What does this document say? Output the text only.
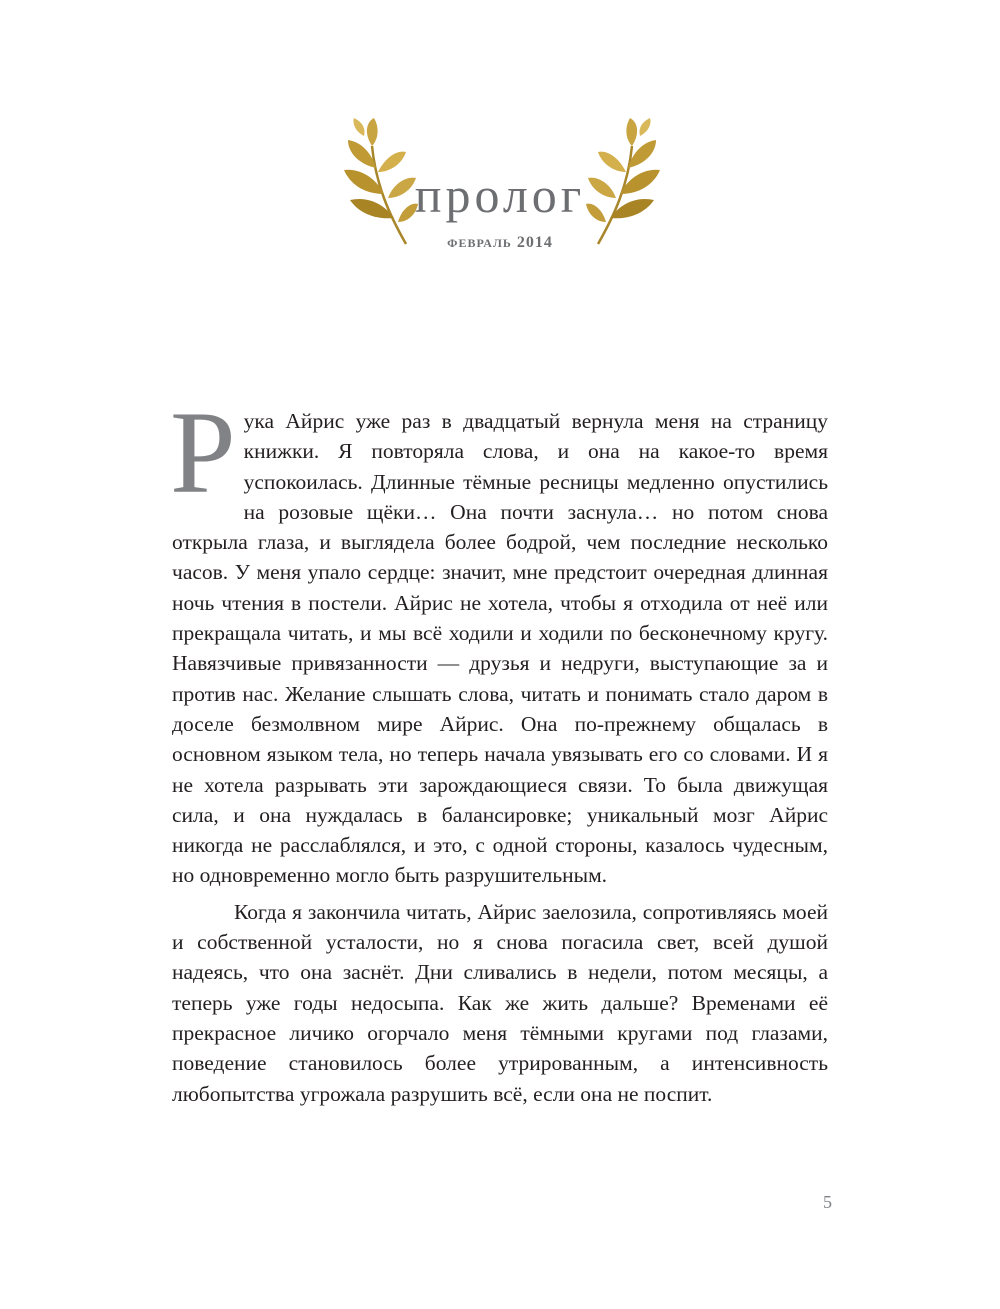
пролог
февраль 2014

Рука Айрис уже раз в двадцатый вернула меня на страницу книжки. Я повторяла слова, и она на какое-то время успокоилась. Длинные тёмные ресницы медленно опустились на розовые щёки… Она почти заснула… но потом снова открыла глаза, и выглядела более бодрой, чем последние несколько часов. У меня упало сердце: значит, мне предстоит очередная длинная ночь чтения в постели. Айрис не хотела, чтобы я отходила от неё или прекращала читать, и мы всё ходили и ходили по бесконечному кругу. Навязчивые привязанности — друзья и недруги, выступающие за и против нас. Желание слышать слова, читать и понимать стало даром в доселе безмолвном мире Айрис. Она по-прежнему общалась в основном языком тела, но теперь начала увязывать его со словами. И я не хотела разрывать эти зарождающиеся связи. То была движущая сила, и она нуждалась в балансировке; уникальный мозг Айрис никогда не расслаблялся, и это, с одной стороны, казалось чудесным, но одновременно могло быть разрушительным.

Когда я закончила читать, Айрис заелозила, сопротивляясь моей и собственной усталости, но я снова погасила свет, всей душой надеясь, что она заснёт. Дни сливались в недели, потом месяцы, а теперь уже годы недосыпа. Как же жить дальше? Временами её прекрасное личико огорчало меня тёмными кругами под глазами, поведение становилось более утрированным, а интенсивность любопытства угрожала разрушить всё, если она не поспит.

5
